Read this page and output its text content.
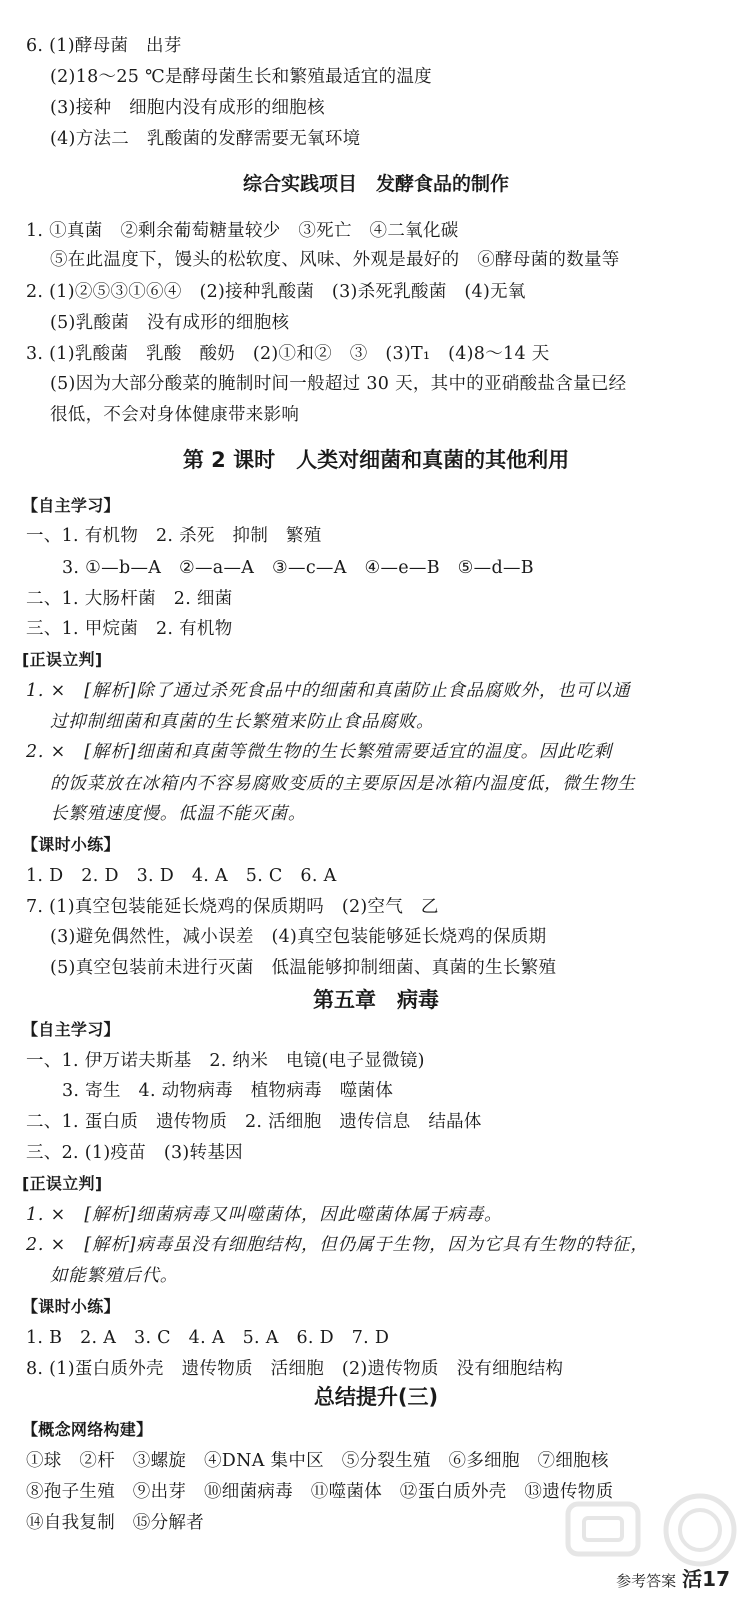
6. (1)酵母菌　出芽
(2)18～25 ℃是酵母菌生长和繁殖最适宜的温度
(3)接种　细胞内没有成形的细胞核
(4)方法二　乳酸菌的发酵需要无氧环境
综合实践项目　发酵食品的制作
1. ①真菌　②剩余葡萄糖量较少　③死亡　④二氧化碳
⑤在此温度下，馒头的松软度、风味、外观是最好的　⑥酵母菌的数量等
2. (1)②⑤③①⑥④　(2)接种乳酸菌　(3)杀死乳酸菌　(4)无氧
(5)乳酸菌　没有成形的细胞核
3. (1)乳酸菌　乳酸　酸奶　(2)①和②　③　(3)T₁　(4)8～14 天
(5)因为大部分酸菜的腌制时间一般超过 30 天，其中的亚硝酸盐含量已经
很低，不会对身体健康带来影响
第 2 课时　人类对细菌和真菌的其他利用
【自主学习】
一、1. 有机物　2. 杀死　抑制　繁殖
3. ①—b—A　②—a—A　③—c—A　④—e—B　⑤—d—B
二、1. 大肠杆菌　2. 细菌
三、1. 甲烷菌　2. 有机物
[正误立判]
1. ×　[解析]除了通过杀死食品中的细菌和真菌防止食品腐败外，也可以通
过抑制细菌和真菌的生长繁殖来防止食品腐败。
2. ×　[解析]细菌和真菌等微生物的生长繁殖需要适宜的温度。因此吃剩
的饭菜放在冰箱内不容易腐败变质的主要原因是冰箱内温度低，微生物生
长繁殖速度慢。低温不能灭菌。
【课时小练】
1. D　2. D　3. D　4. A　5. C　6. A
7. (1)真空包装能延长烧鸡的保质期吗　(2)空气　乙
(3)避免偶然性，减小误差　(4)真空包装能够延长烧鸡的保质期
(5)真空包装前未进行灭菌　低温能够抑制细菌、真菌的生长繁殖
第五章　病毒
【自主学习】
一、1. 伊万诺夫斯基　2. 纳米　电镜(电子显微镜)
3. 寄生　4. 动物病毒　植物病毒　噬菌体
二、1. 蛋白质　遗传物质　2. 活细胞　遗传信息　结晶体
三、2. (1)疫苗　(3)转基因
[正误立判]
1. ×　[解析]细菌病毒又叫噬菌体，因此噬菌体属于病毒。
2. ×　[解析]病毒虽没有细胞结构，但仍属于生物，因为它具有生物的特征，
如能繁殖后代。
【课时小练】
1. B　2. A　3. C　4. A　5. A　6. D　7. D
8. (1)蛋白质外壳　遗传物质　活细胞　(2)遗传物质　没有细胞结构
总结提升(三)
【概念网络构建】
①球　②杆　③螺旋　④DNA 集中区　⑤分裂生殖　⑥多细胞　⑦细胞核
⑧孢子生殖　⑨出芽　⑩细菌病毒　⑪噬菌体　⑫蛋白质外壳　⑬遗传物质
⑭自我复制　⑮分解者
参考答案 活17
